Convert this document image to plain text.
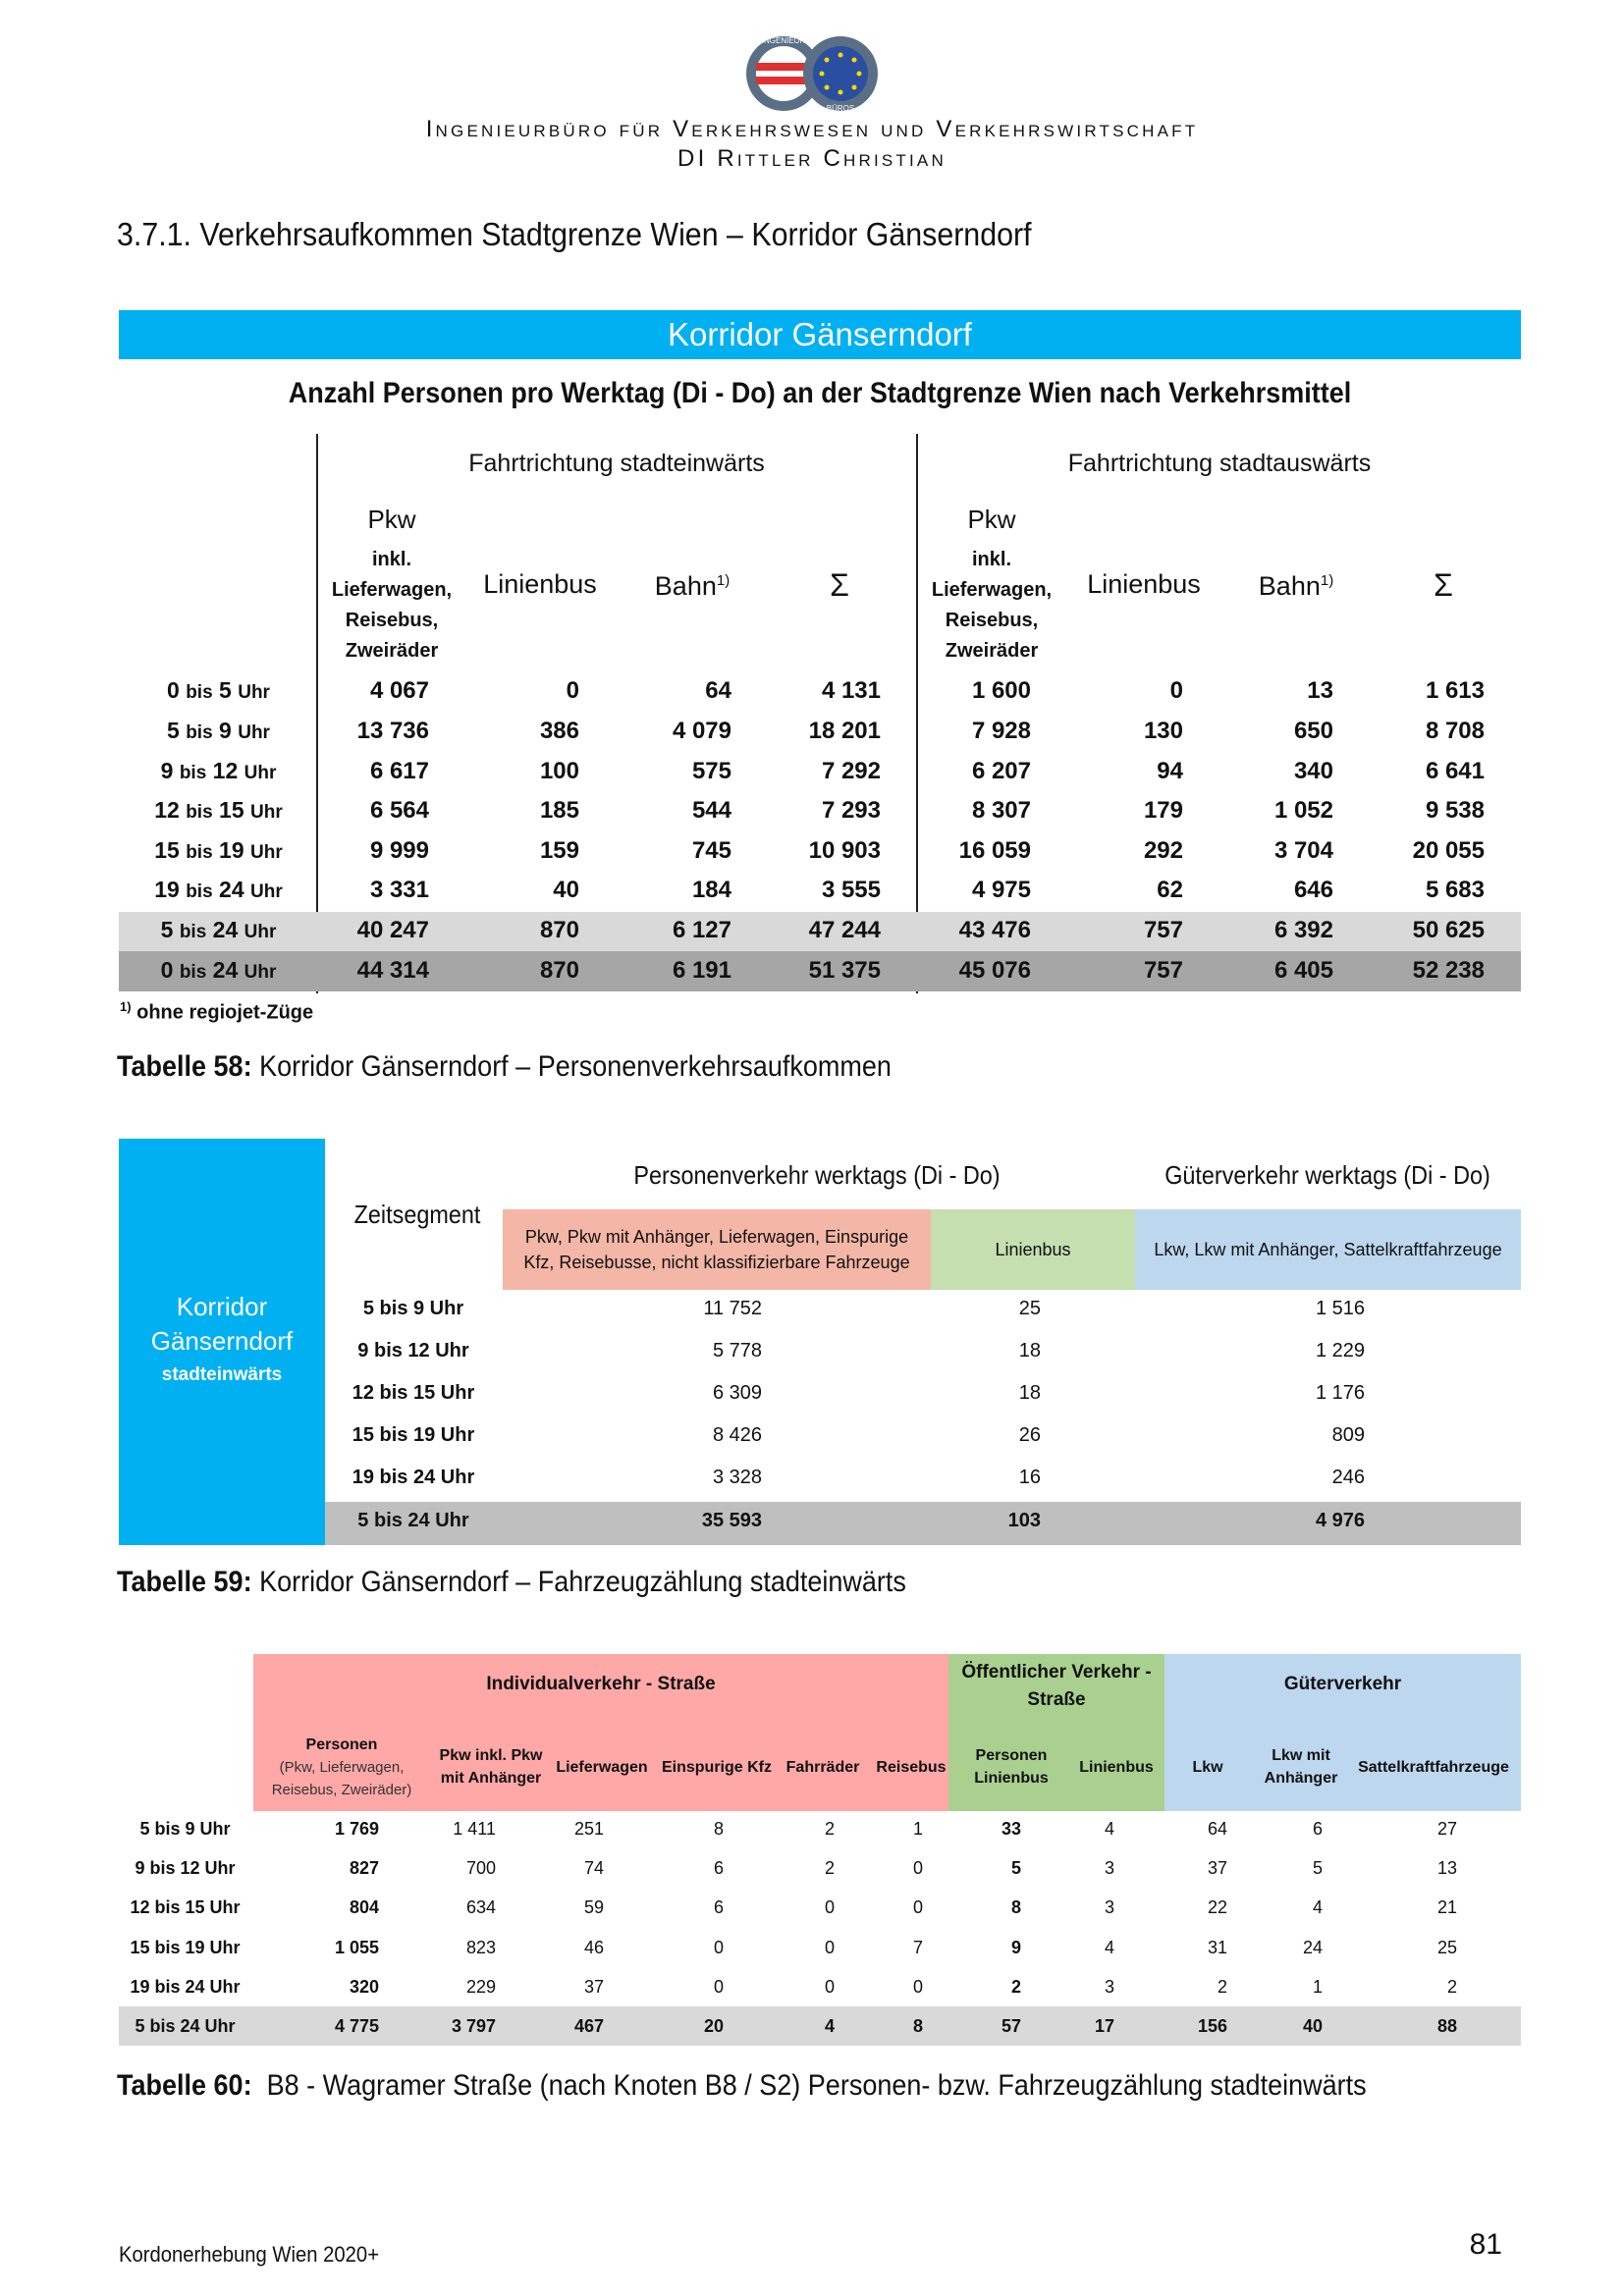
INGENIEUR
BÜROS
Ingenieurbüro für Verkehrswesen und Verkehrswirtschaft
DI Rittler Christian
3.7.1. Verkehrsaufkommen Stadtgrenze Wien – Korridor Gänserndorf
Korridor Gänserndorf
Anzahl Personen pro Werktag (Di - Do) an der Stadtgrenze Wien nach Verkehrsmittel
Fahrtrichtung stadteinwärts	Fahrtrichtung stadtauswärts
Pkw
inkl. Lieferwagen, Reisebus, Zweiräder
Linienbus	Bahn$^{1)}$	Σ
Pkw
inkl. Lieferwagen, Reisebus, Zweiräder
Linienbus	Bahn$^{1)}$	Σ
0 bis 5 Uhr	4 067	0	64	4 131	1 600	0	13	1 613
5 bis 9 Uhr	13 736	386	4 079	18 201	7 928	130	650	8 708
9 bis 12 Uhr	6 617	100	575	7 292	6 207	94	340	6 641
12 bis 15 Uhr	6 564	185	544	7 293	8 307	179	1 052	9 538
15 bis 19 Uhr	9 999	159	745	10 903	16 059	292	3 704	20 055
19 bis 24 Uhr	3 331	40	184	3 555	4 975	62	646	5 683
5 bis 24 Uhr	40 247	870	6 127	47 244	43 476	757	6 392	50 625
0 bis 24 Uhr	44 314	870	6 191	51 375	45 076	757	6 405	52 238
$^{1)}$ ohne regiojet-Züge
Tabelle 58: Korridor Gänserndorf – Personenverkehrsaufkommen
Korridor Gänserndorf
stadteinwärts
Zeitsegment
Personenverkehr werktags (Di - Do)	Güterverkehr werktags (Di - Do)
Pkw, Pkw mit Anhänger, Lieferwagen, Einspurige Kfz, Reisebusse, nicht klassifizierbare Fahrzeuge
Linienbus	Lkw, Lkw mit Anhänger, Sattelkraftfahrzeuge
5 bis 9 Uhr	11 752	25	1 516
9 bis 12 Uhr	5 778	18	1 229
12 bis 15 Uhr	6 309	18	1 176
15 bis 19 Uhr	8 426	26	809
19 bis 24 Uhr	3 328	16	246
5 bis 24 Uhr	35 593	103	4 976
Tabelle 59: Korridor Gänserndorf – Fahrzeugzählung stadteinwärts
Individualverkehr - Straße
Öffentlicher Verkehr - Straße
Güterverkehr
Personen
(Pkw, Lieferwagen, Reisebus, Zweiräder)
Pkw inkl. Pkw mit Anhänger
Lieferwagen Einspurige Kfz Fahrräder Reisebus
Personen Linienbus
Linienbus Lkw
Lkw mit Anhänger
Sattelkraftfahrzeuge
5 bis 9 Uhr	1 769	1 411	251	8	2	1	33	4	64	6	27
9 bis 12 Uhr	827	700	74	6	2	0	5	3	37	5	13
12 bis 15 Uhr	804	634	59	6	0	0	8	3	22	4	21
15 bis 19 Uhr	1 055	823	46	0	0	7	9	4	31	24	25
19 bis 24 Uhr	320	229	37	0	0	0	2	3	2	1	2
5 bis 24 Uhr	4 775	3 797	467	20	4	8	57	17	156	40	88
Tabelle 60: B8 - Wagramer Straße (nach Knoten B8 / S2) Personen- bzw. Fahrzeugzählung stadteinwärts
Kordonerhebung Wien 2020+	81
